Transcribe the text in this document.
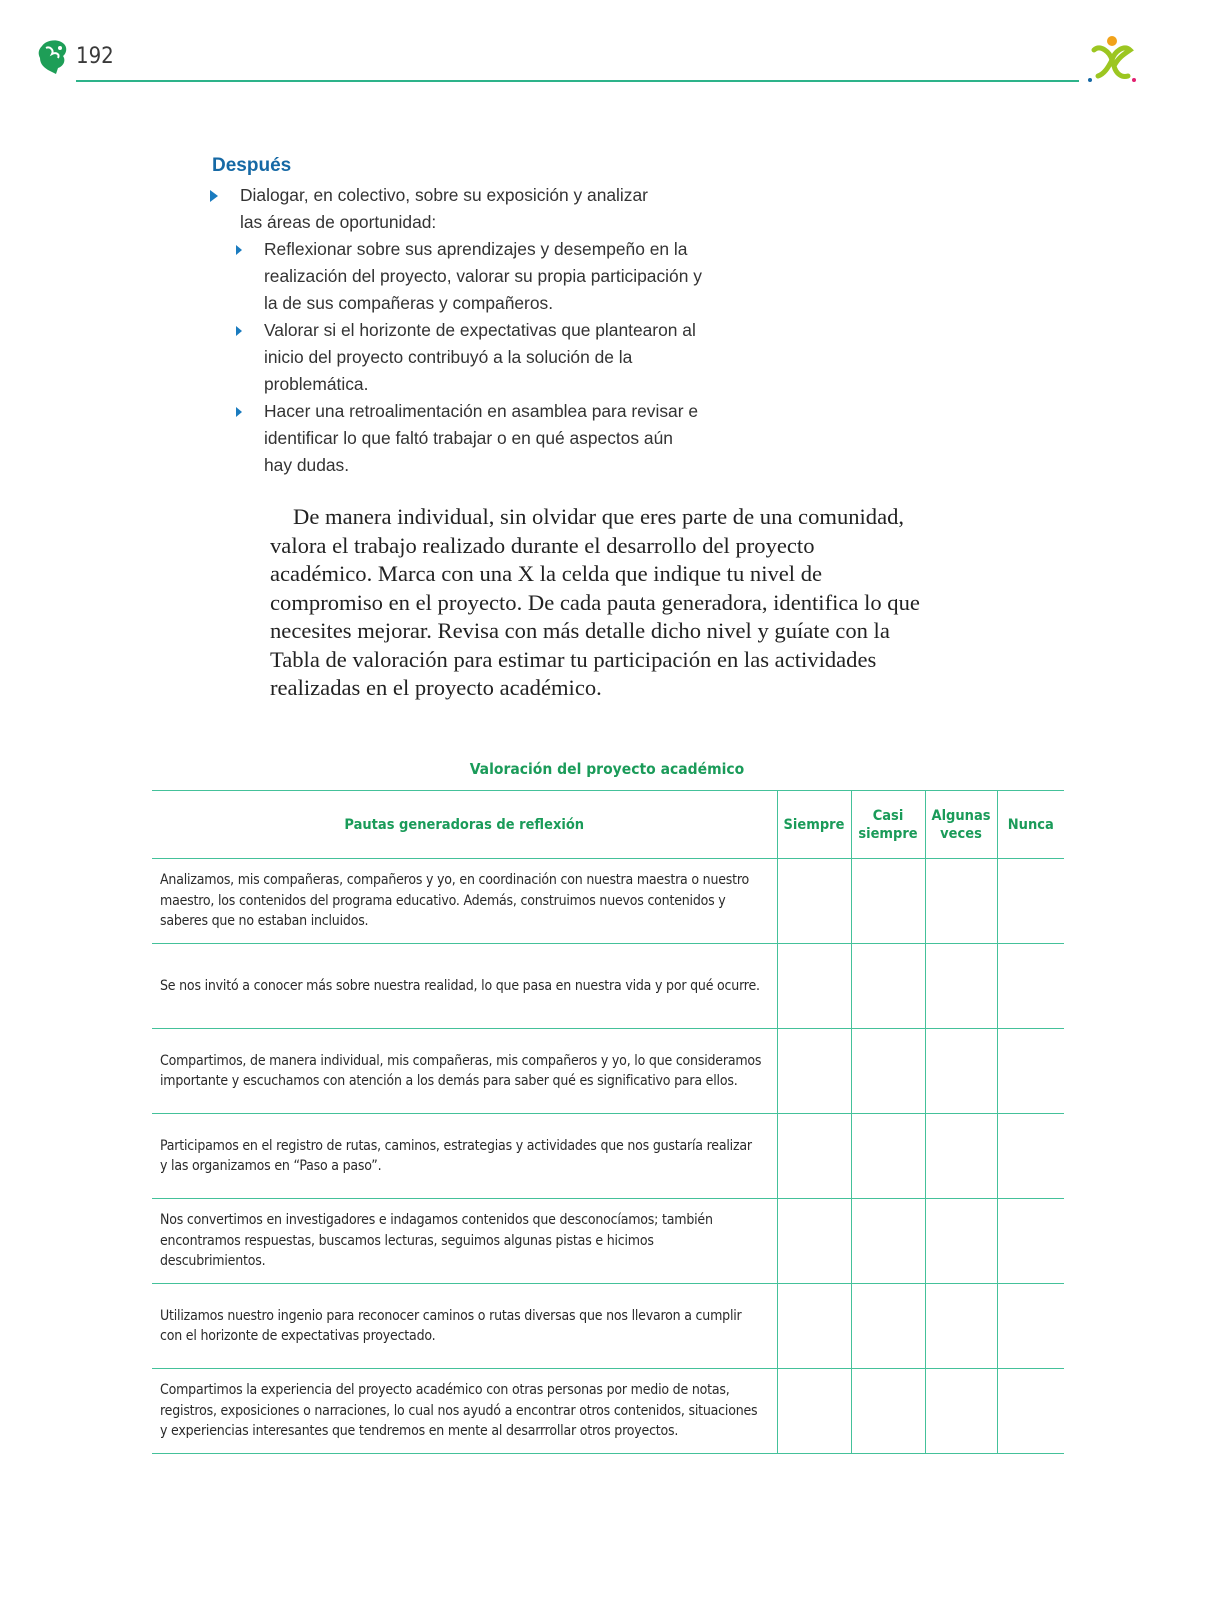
192
Después
Dialogar, en colectivo, sobre su exposición y analizar las áreas de oportunidad:
Reflexionar sobre sus aprendizajes y desempeño en la realización del proyecto, valorar su propia participación y la de sus compañeras y compañeros.
Valorar si el horizonte de expectativas que plantearon al inicio del proyecto contribuyó a la solución de la problemática.
Hacer una retroalimentación en asamblea para revisar e identificar lo que faltó trabajar o en qué aspectos aún hay dudas.

De manera individual, sin olvidar que eres parte de una comunidad, valora el trabajo realizado durante el desarrollo del proyecto académico. Marca con una X la celda que indique tu nivel de compromiso en el proyecto. De cada pauta generadora, identifica lo que necesites mejorar. Revisa con más detalle dicho nivel y guíate con la Tabla de valoración para estimar tu participación en las actividades realizadas en el proyecto académico.

Valoración del proyecto académico
Pautas generadoras de reflexión	Siempre	Casi siempre	Algunas veces	Nunca
Analizamos, mis compañeras, compañeros y yo, en coordinación con nuestra maestra o nuestro maestro, los contenidos del programa educativo. Además, construimos nuevos contenidos y saberes que no estaban incluidos.				
Se nos invitó a conocer más sobre nuestra realidad, lo que pasa en nuestra vida y por qué ocurre.				
Compartimos, de manera individual, mis compañeras, mis compañeros y yo, lo que consideramos importante y escuchamos con atención a los demás para saber qué es significativo para ellos.				
Participamos en el registro de rutas, caminos, estrategias y actividades que nos gustaría realizar y las organizamos en “Paso a paso”.				
Nos convertimos en investigadores e indagamos contenidos que desconocíamos; también encontramos respuestas, buscamos lecturas, seguimos algunas pistas e hicimos descubrimientos.				
Utilizamos nuestro ingenio para reconocer caminos o rutas diversas que nos llevaron a cumplir con el horizonte de expectativas proyectado.				
Compartimos la experiencia del proyecto académico con otras personas por medio de notas, registros, exposiciones o narraciones, lo cual nos ayudó a encontrar otros contenidos, situaciones y experiencias interesantes que tendremos en mente al desarrrollar otros proyectos.				
